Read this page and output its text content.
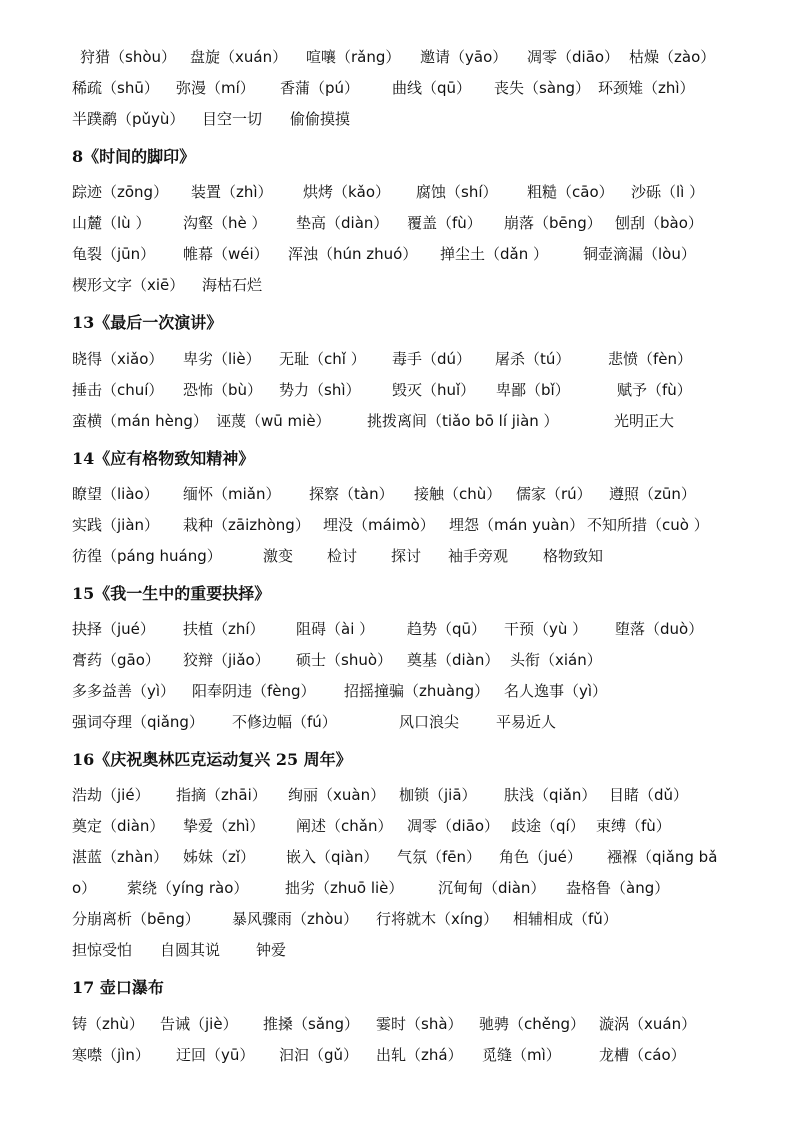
狩猎（shòu） 盘旋（xuán） 喧嚷（rǎng） 邀请（yāo） 凋零（diāo） 枯燥（zào）
稀疏（shū） 弥漫（mí） 香蒲（pú） 曲线（qū） 丧失（sàng） 环颈雉（zhì）
半蹼鹬（pǔyù） 目空一切 偷偷摸摸
8《时间的脚印》
踪迹（zōng） 装置（zhì） 烘烤（kǎo） 腐蚀（shí） 粗糙（cāo） 沙砾（lì ）
山麓（lù ） 沟壑（hè ） 垫高（diàn） 覆盖（fù） 崩落（bēng） 刨刮（bào）
龟裂（jūn） 帷幕（wéi） 浑浊（hún zhuó） 掸尘土（dǎn ） 铜壶滴漏（lòu）
楔形文字（xiē） 海枯石烂
13《最后一次演讲》
晓得（xiǎo） 卑劣（liè） 无耻（chǐ ） 毒手（dú） 屠杀（tú）	悲愤（fèn）
捶击（chuí） 恐怖（bù） 势力（shì） 毁灭（huǐ） 卑鄙（bǐ）	赋予（fù）
蛮横（mán hèng） 诬蔑（wū miè） 挑拨离间（tiǎo bō lí jiàn ）	光明正大
14《应有格物致知精神》
瞭望（liào） 缅怀（miǎn） 探察（tàn） 接触（chù） 儒家（rú） 遵照（zūn）
实践（jiàn） 栽种（zāizhòng） 埋没（máimò） 埋怨（mán yuàn） 不知所措（cuò ）
彷徨（páng huáng）	激变 检讨 探讨 袖手旁观 格物致知
15《我一生中的重要抉择》
抉择（jué） 扶植（zhí） 阻碍（ài ） 趋势（qū） 干预（yù ） 堕落（duò）
膏药（gāo） 狡辩（jiǎo） 硕士（shuò） 奠基（diàn） 头衔（xián）
多多益善（yì） 阳奉阴违（fèng） 招摇撞骗（zhuàng） 名人逸事（yì）
强词夺理（qiǎng） 不修边幅（fú）	风口浪尖 平易近人
16《庆祝奥林匹克运动复兴 25 周年》
浩劫（jié） 指摘（zhāi） 绚丽（xuàn） 枷锁（jiā） 肤浅（qiǎn） 目睹（dǔ）
奠定（diàn） 挚爱（zhì） 阐述（chǎn） 凋零（diāo） 歧途（qí） 束缚（fù）
湛蓝（zhàn） 姊妹（zǐ） 嵌入（qiàn） 气氛（fēn） 角色（jué） 襁褓（qiǎng bǎ
o） 萦绕（yíng rào） 拙劣（zhuō liè） 沉甸甸（diàn） 盎格鲁（àng）
分崩离析（bēng） 暴风骤雨（zhòu） 行将就木（xíng） 相辅相成（fǔ）
担惊受怕 自圆其说 钟爱
17 壶口瀑布
铸（zhù） 告诫（jiè） 推搡（sǎng） 霎时（shà） 驰骋（chěng） 漩涡（xuán）
寒噤（jìn） 迂回（yū） 汩汩（gǔ） 出轧（zhá） 觅缝（mì）	龙槽（cáo）
